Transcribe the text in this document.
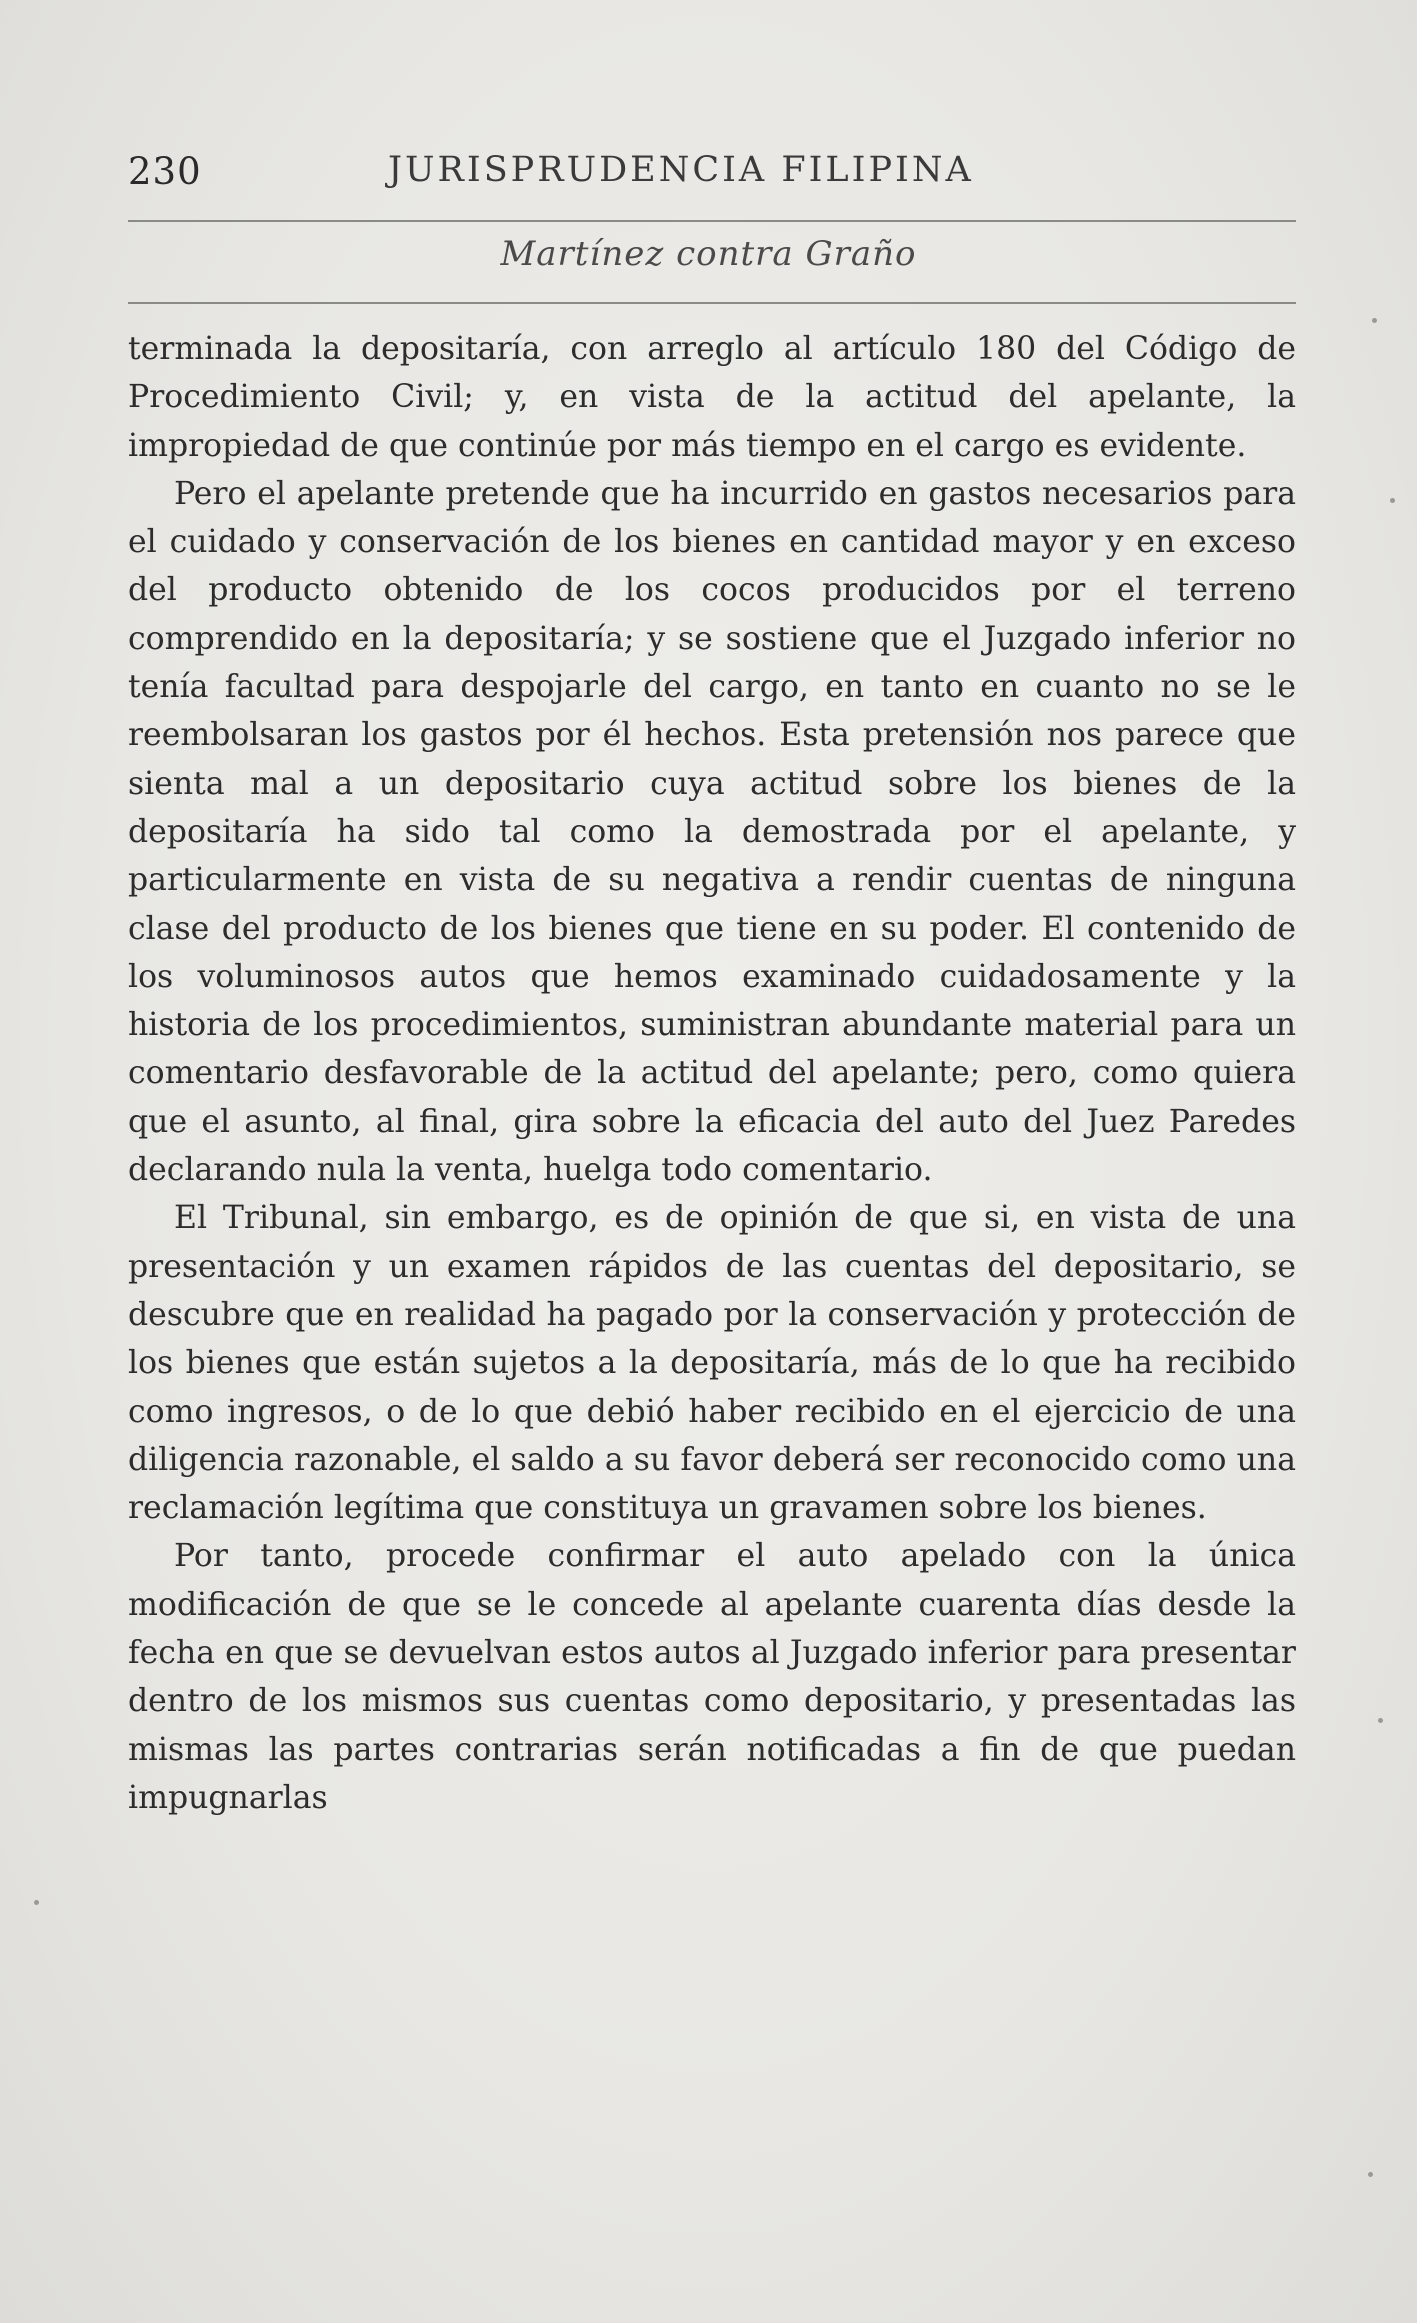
230	JURISPRUDENCIA FILIPINA
Martínez contra Graño

terminada la depositaría, con arreglo al artículo 180 del Código de Procedimiento Civil; y, en vista de la actitud del apelante, la impropiedad de que continúe por más tiempo en el cargo es evidente.

Pero el apelante pretende que ha incurrido en gastos necesarios para el cuidado y conservación de los bienes en cantidad mayor y en exceso del producto obtenido de los cocos producidos por el terreno comprendido en la depositaría; y se sostiene que el Juzgado inferior no tenía facultad para despojarle del cargo, en tanto en cuanto no se le reembolsaran los gastos por él hechos. Esta pretensión nos parece que sienta mal a un depositario cuya actitud sobre los bienes de la depositaría ha sido tal como la demostrada por el apelante, y particularmente en vista de su negativa a rendir cuentas de ninguna clase del producto de los bienes que tiene en su poder. El contenido de los voluminosos autos que hemos examinado cuidadosamente y la historia de los procedimientos, suministran abundante material para un comentario desfavorable de la actitud del apelante; pero, como quiera que el asunto, al final, gira sobre la eficacia del auto del Juez Paredes declarando nula la venta, huelga todo comentario.

El Tribunal, sin embargo, es de opinión de que si, en vista de una presentación y un examen rápidos de las cuentas del depositario, se descubre que en realidad ha pagado por la conservación y protección de los bienes que están sujetos a la depositaría, más de lo que ha recibido como ingresos, o de lo que debió haber recibido en el ejercicio de una diligencia razonable, el saldo a su favor deberá ser reconocido como una reclamación legítima que constituya un gravamen sobre los bienes.

Por tanto, procede confirmar el auto apelado con la única modificación de que se le concede al apelante cuarenta días desde la fecha en que se devuelvan estos autos al Juzgado inferior para presentar dentro de los mismos sus cuentas como depositario, y presentadas las mismas las partes contrarias serán notificadas a fin de que puedan impugnarlas
